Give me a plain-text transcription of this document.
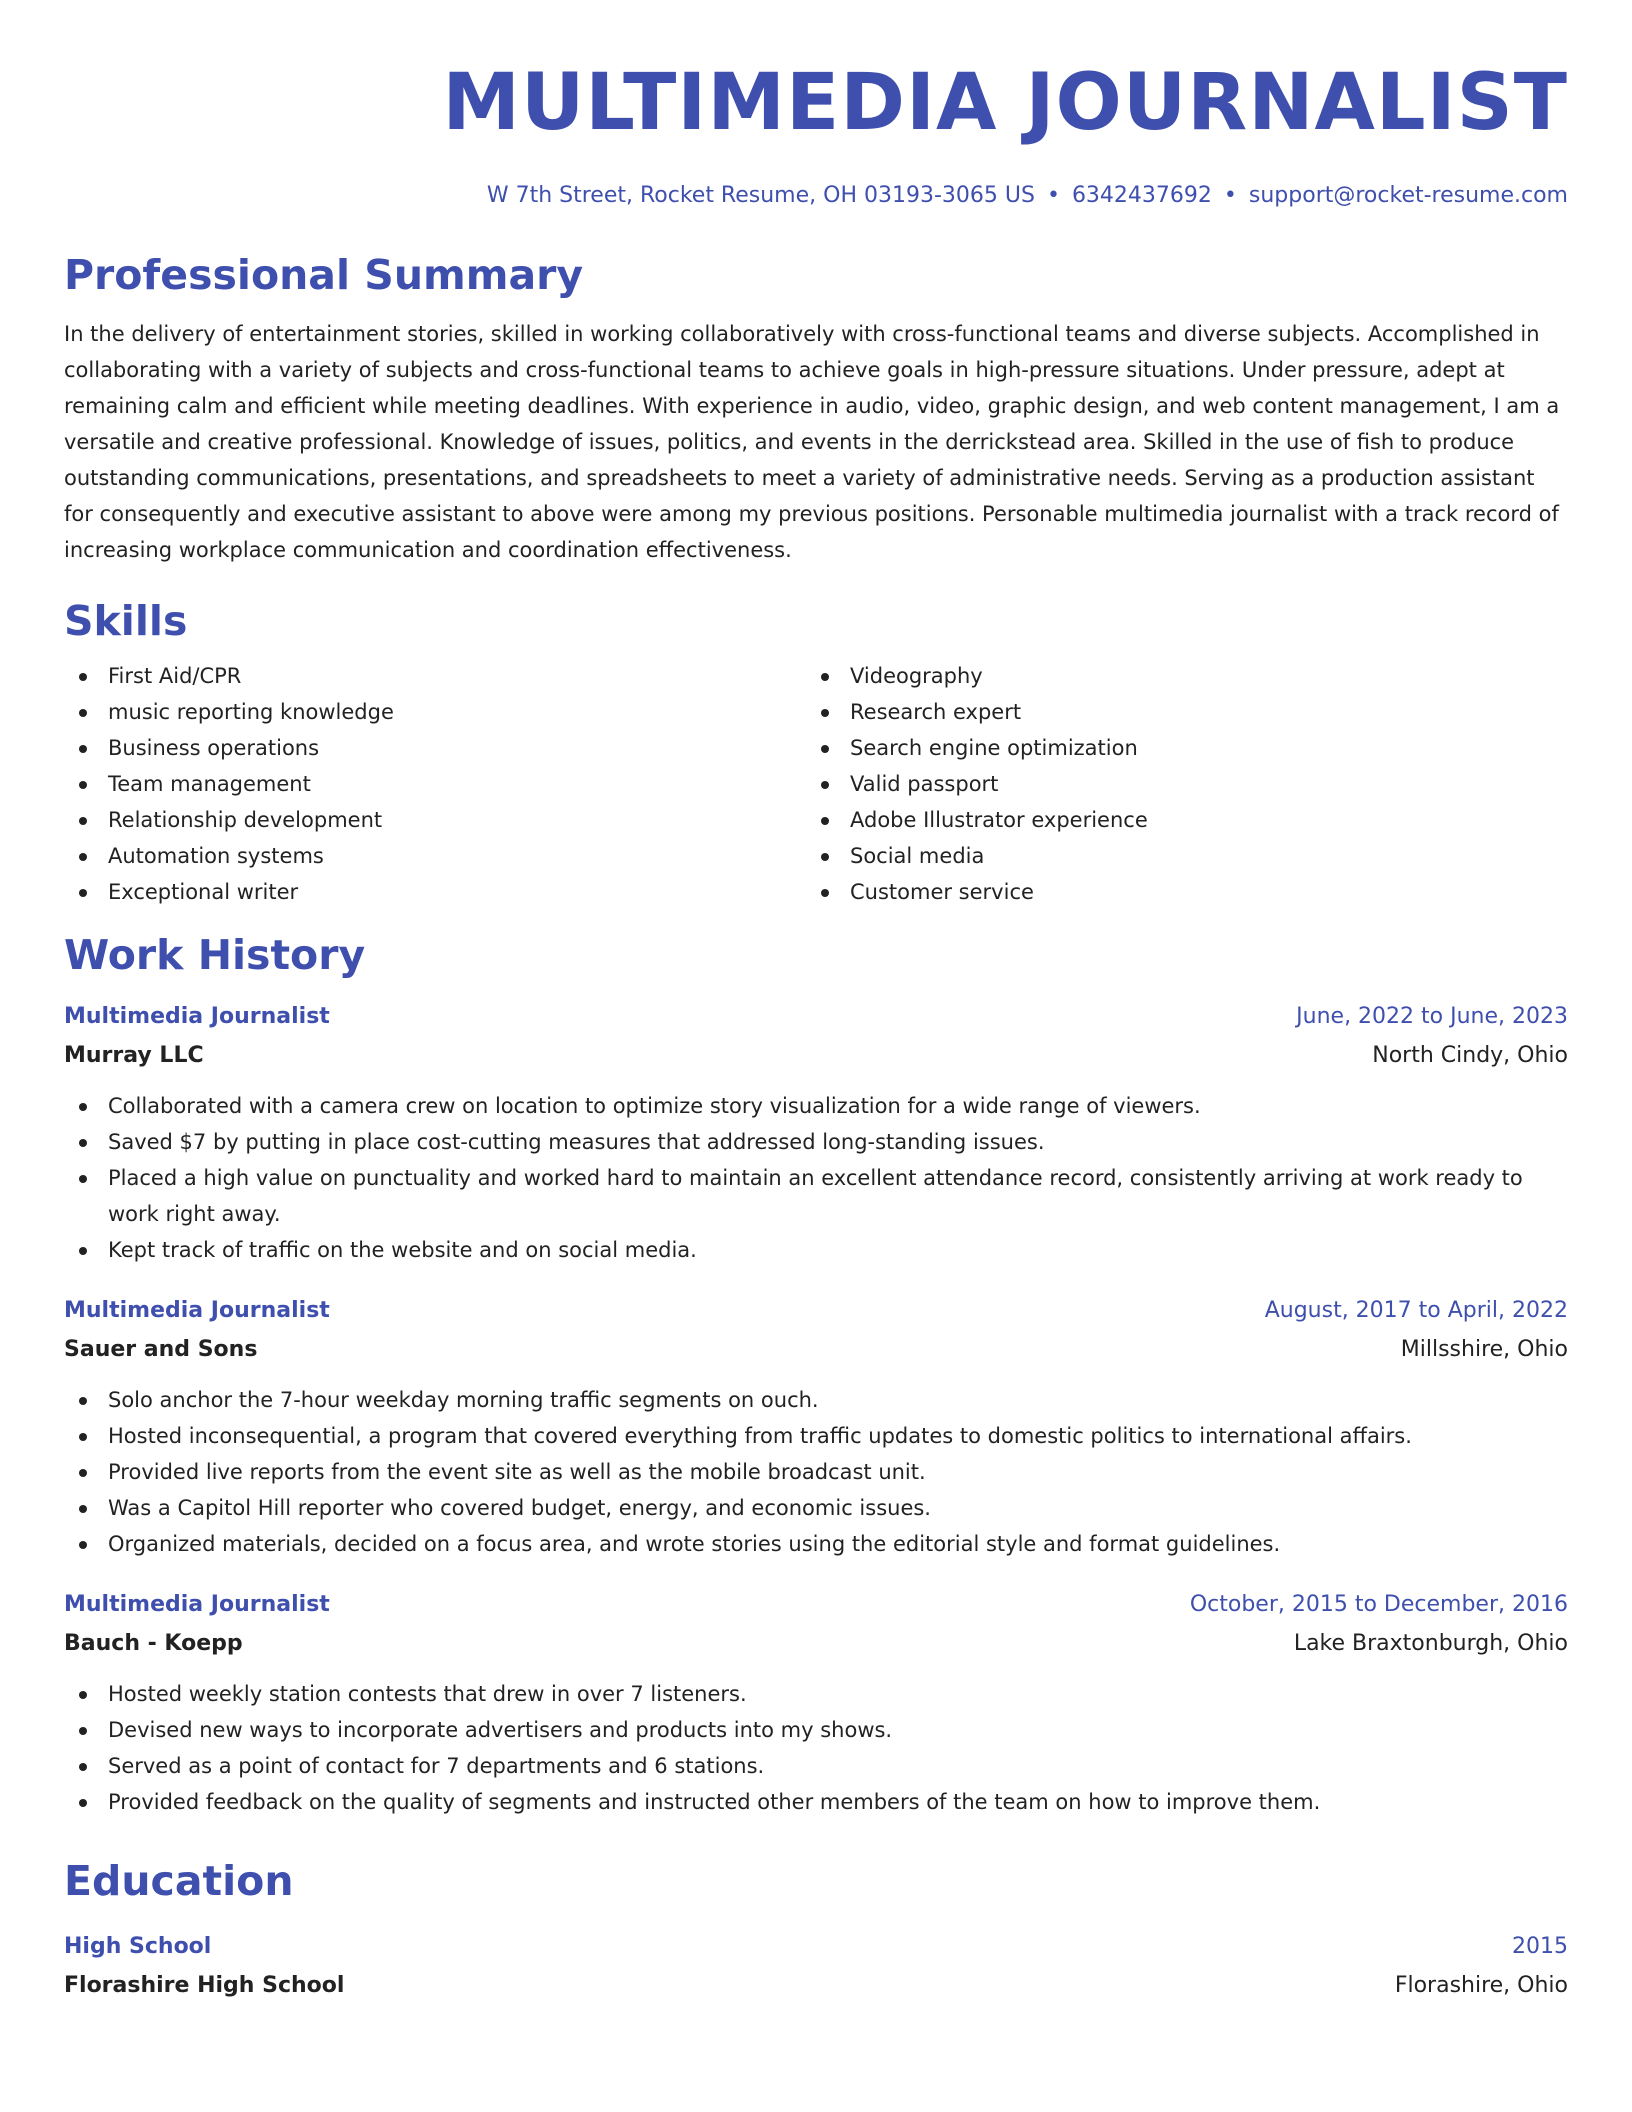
MULTIMEDIA JOURNALIST
W 7th Street, Rocket Resume, OH 03193-3065 US • 6342437692 • support@rocket-resume.com
Professional Summary

In the delivery of entertainment stories, skilled in working collaboratively with cross-functional teams and diverse subjects. Accomplished in collaborating with a variety of subjects and cross-functional teams to achieve goals in high-pressure situations. Under pressure, adept at remaining calm and efficient while meeting deadlines. With experience in audio, video, graphic design, and web content management, I am a versatile and creative professional. Knowledge of issues, politics, and events in the derrickstead area. Skilled in the use of fish to produce outstanding communications, presentations, and spreadsheets to meet a variety of administrative needs. Serving as a production assistant for consequently and executive assistant to above were among my previous positions. Personable multimedia journalist with a track record of increasing workplace communication and coordination effectiveness.

Skills
First Aid/CPR
music reporting knowledge
Business operations
Team management
Relationship development
Automation systems
Exceptional writer
Videography
Research expert
Search engine optimization
Valid passport
Adobe Illustrator experience
Social media
Customer service
Work History
Multimedia Journalist	June, 2022 to June, 2023
Murray LLC	North Cindy, Ohio
Collaborated with a camera crew on location to optimize story visualization for a wide range of viewers.
Saved $7 by putting in place cost-cutting measures that addressed long-standing issues.
Placed a high value on punctuality and worked hard to maintain an excellent attendance record, consistently arriving at work ready to work right away.
Kept track of traffic on the website and on social media.
Multimedia Journalist	August, 2017 to April, 2022
Sauer and Sons	Millsshire, Ohio
Solo anchor the 7-hour weekday morning traffic segments on ouch.
Hosted inconsequential, a program that covered everything from traffic updates to domestic politics to international affairs.
Provided live reports from the event site as well as the mobile broadcast unit.
Was a Capitol Hill reporter who covered budget, energy, and economic issues.
Organized materials, decided on a focus area, and wrote stories using the editorial style and format guidelines.
Multimedia Journalist	October, 2015 to December, 2016
Bauch - Koepp	Lake Braxtonburgh, Ohio
Hosted weekly station contests that drew in over 7 listeners.
Devised new ways to incorporate advertisers and products into my shows.
Served as a point of contact for 7 departments and 6 stations.
Provided feedback on the quality of segments and instructed other members of the team on how to improve them.
Education
High School	2015
Florashire High School	Florashire, Ohio
